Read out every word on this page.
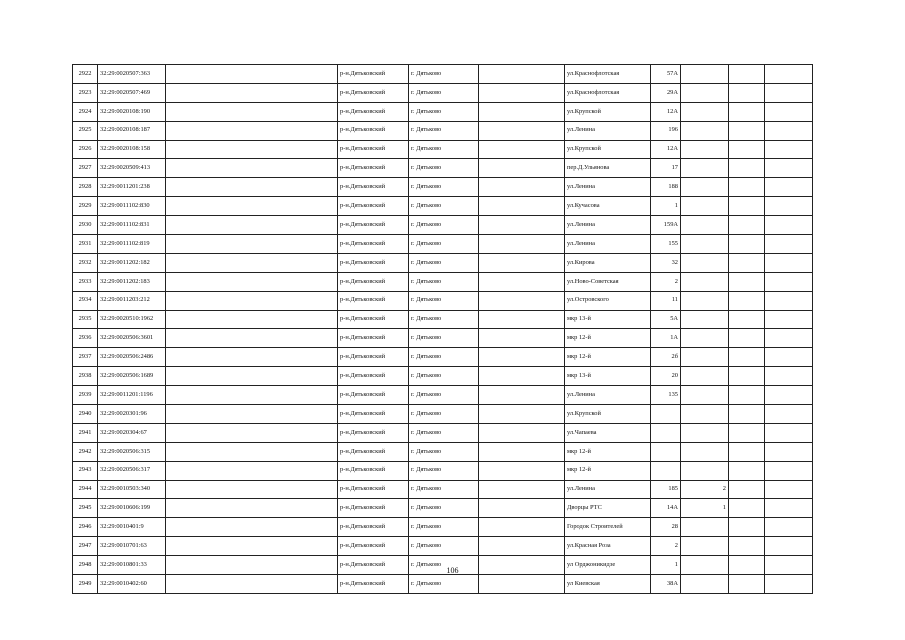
2922	32:29:0020507:363		р-н.Дятьковский	г. Дятьково		ул.Краснофлотская	57А			
2923	32:29:0020507:469		р-н.Дятьковский	г. Дятьково		ул.Краснофлотская	29А			
2924	32:29:0020108:190		р-н.Дятьковский	г. Дятьково		ул.Крупской	12А			
2925	32:29:0020108:187		р-н.Дятьковский	г. Дятьково		ул.Ленина	196			
2926	32:29:0020108:158		р-н.Дятьковский	г. Дятьково		ул.Крупской	12А			
2927	32:29:0020509:413		р-н.Дятьковский	г. Дятьково		пер.Д.Ульянова	17			
2928	32:29:0011201:238		р-н.Дятьковский	г. Дятьково		ул.Ленина	188			
2929	32:29:0011102:830		р-н.Дятьковский	г. Дятьково		ул.Кучасова	1			
2930	32:29:0011102:831		р-н.Дятьковский	г. Дятьково		ул.Ленина	159А			
2931	32:29:0011102:819		р-н.Дятьковский	г. Дятьково		ул.Ленина	155			
2932	32:29:0011202:182		р-н.Дятьковский	г. Дятьково		ул.Кирова	32			
2933	32:29:0011202:183		р-н.Дятьковский	г. Дятьково		ул.Ново-Советская	2			
2934	32:29:0011203:212		р-н.Дятьковский	г. Дятьково		ул.Островского	11			
2935	32:29:0020510:1962		р-н.Дятьковский	г. Дятьково		мкр 13-й	5А			
2936	32:29:0020506:3601		р-н.Дятьковский	г. Дятьково		мкр 12-й	1А			
2937	32:29:0020506:2486		р-н.Дятьковский	г. Дятьково		мкр 12-й	2б			
2938	32:29:0020506:1689		р-н.Дятьковский	г. Дятьково		мкр 13-й	20			
2939	32:29:0011201:1196		р-н.Дятьковский	г. Дятьково		ул.Ленина	135			
2940	32:29:0020301:96		р-н.Дятьковский	г. Дятьково		ул.Крупской				
2941	32:29:0020304:67		р-н.Дятьковский	г. Дятьково		ул.Чапаева				
2942	32:29:0020506:315		р-н.Дятьковский	г. Дятьково		мкр 12-й				
2943	32:29:0020506:317		р-н.Дятьковский	г. Дятьково		мкр 12-й				
2944	32:29:0010503:340		р-н.Дятьковский	г. Дятьково		ул.Ленина	185	2		
2945	32:29:0010606:199		р-н.Дятьковский	г. Дятьково		Дворцы РТС	14А	1		
2946	32:29:0010401:9		р-н.Дятьковский	г. Дятьково		Городок Строителей	28			
2947	32:29:0010701:63		р-н.Дятьковский	г. Дятьково		ул.Красная Роза	2			
2948	32:29:0010801:33		р-н.Дятьковский	г. Дятьково		ул Орджоникидзе	1			
2949	32:29:0010402:60		р-н.Дятьковский	г. Дятьково		ул Киевская	38А			
106
